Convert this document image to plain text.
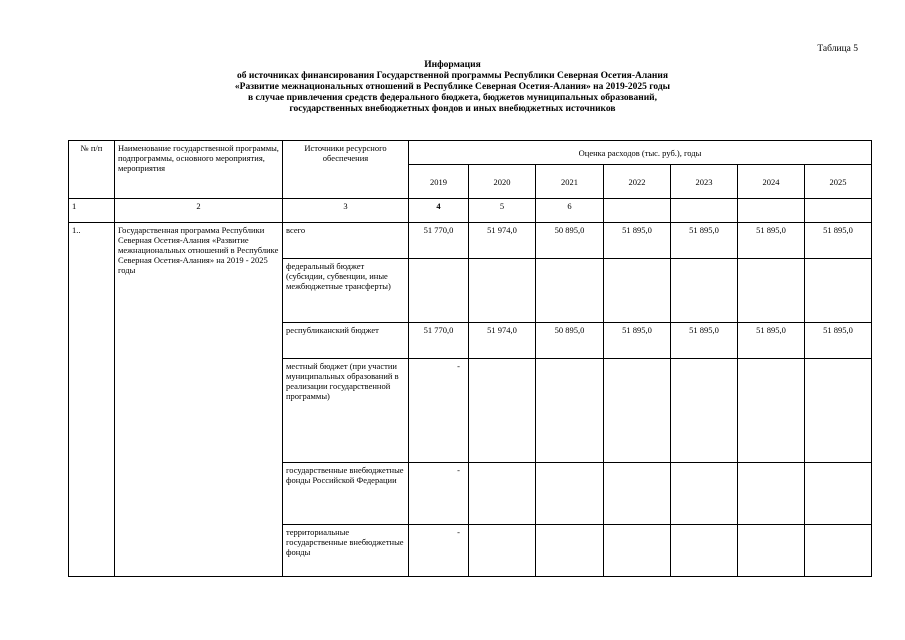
Таблица 5
Информация
об источниках финансирования Государственной программы Республики Северная Осетия-Алания
«Развитие межнациональных отношений в Республике Северная Осетия-Алания» на 2019-2025 годы
в случае привлечения средств федерального бюджета, бюджетов муниципальных образований,
государственных внебюджетных фондов и иных внебюджетных источников
№ п/п	Наименование государственной программы, подпрограммы, основного мероприятия, мероприятия	Источники ресурсного обеспечения	Оценка расходов (тыс. руб.), годы						
			2019	2020	2021	2022	2023	2024	2025
1	2	3	4	5	6				
1..	Государственная программа Республики Северная Осетия-Алания «Развитие межнациональных отношений в Республике Северная Осетия-Алания» на 2019 - 2025 годы	всего	51 770,0	51 974,0	50 895,0	51 895,0	51 895,0	51 895,0	51 895,0
		федеральный бюджет (субсидии, субвенции, иные межбюджетные трансферты)							
		республиканский бюджет	51 770,0	51 974,0	50 895,0	51 895,0	51 895,0	51 895,0	51 895,0
		местный бюджет (при участии муниципальных образований в реализации государственной программы)	-						
		государственные внебюджетные фонды Российской Федерации	-						
		территориальные государственные внебюджетные фонды	-						
